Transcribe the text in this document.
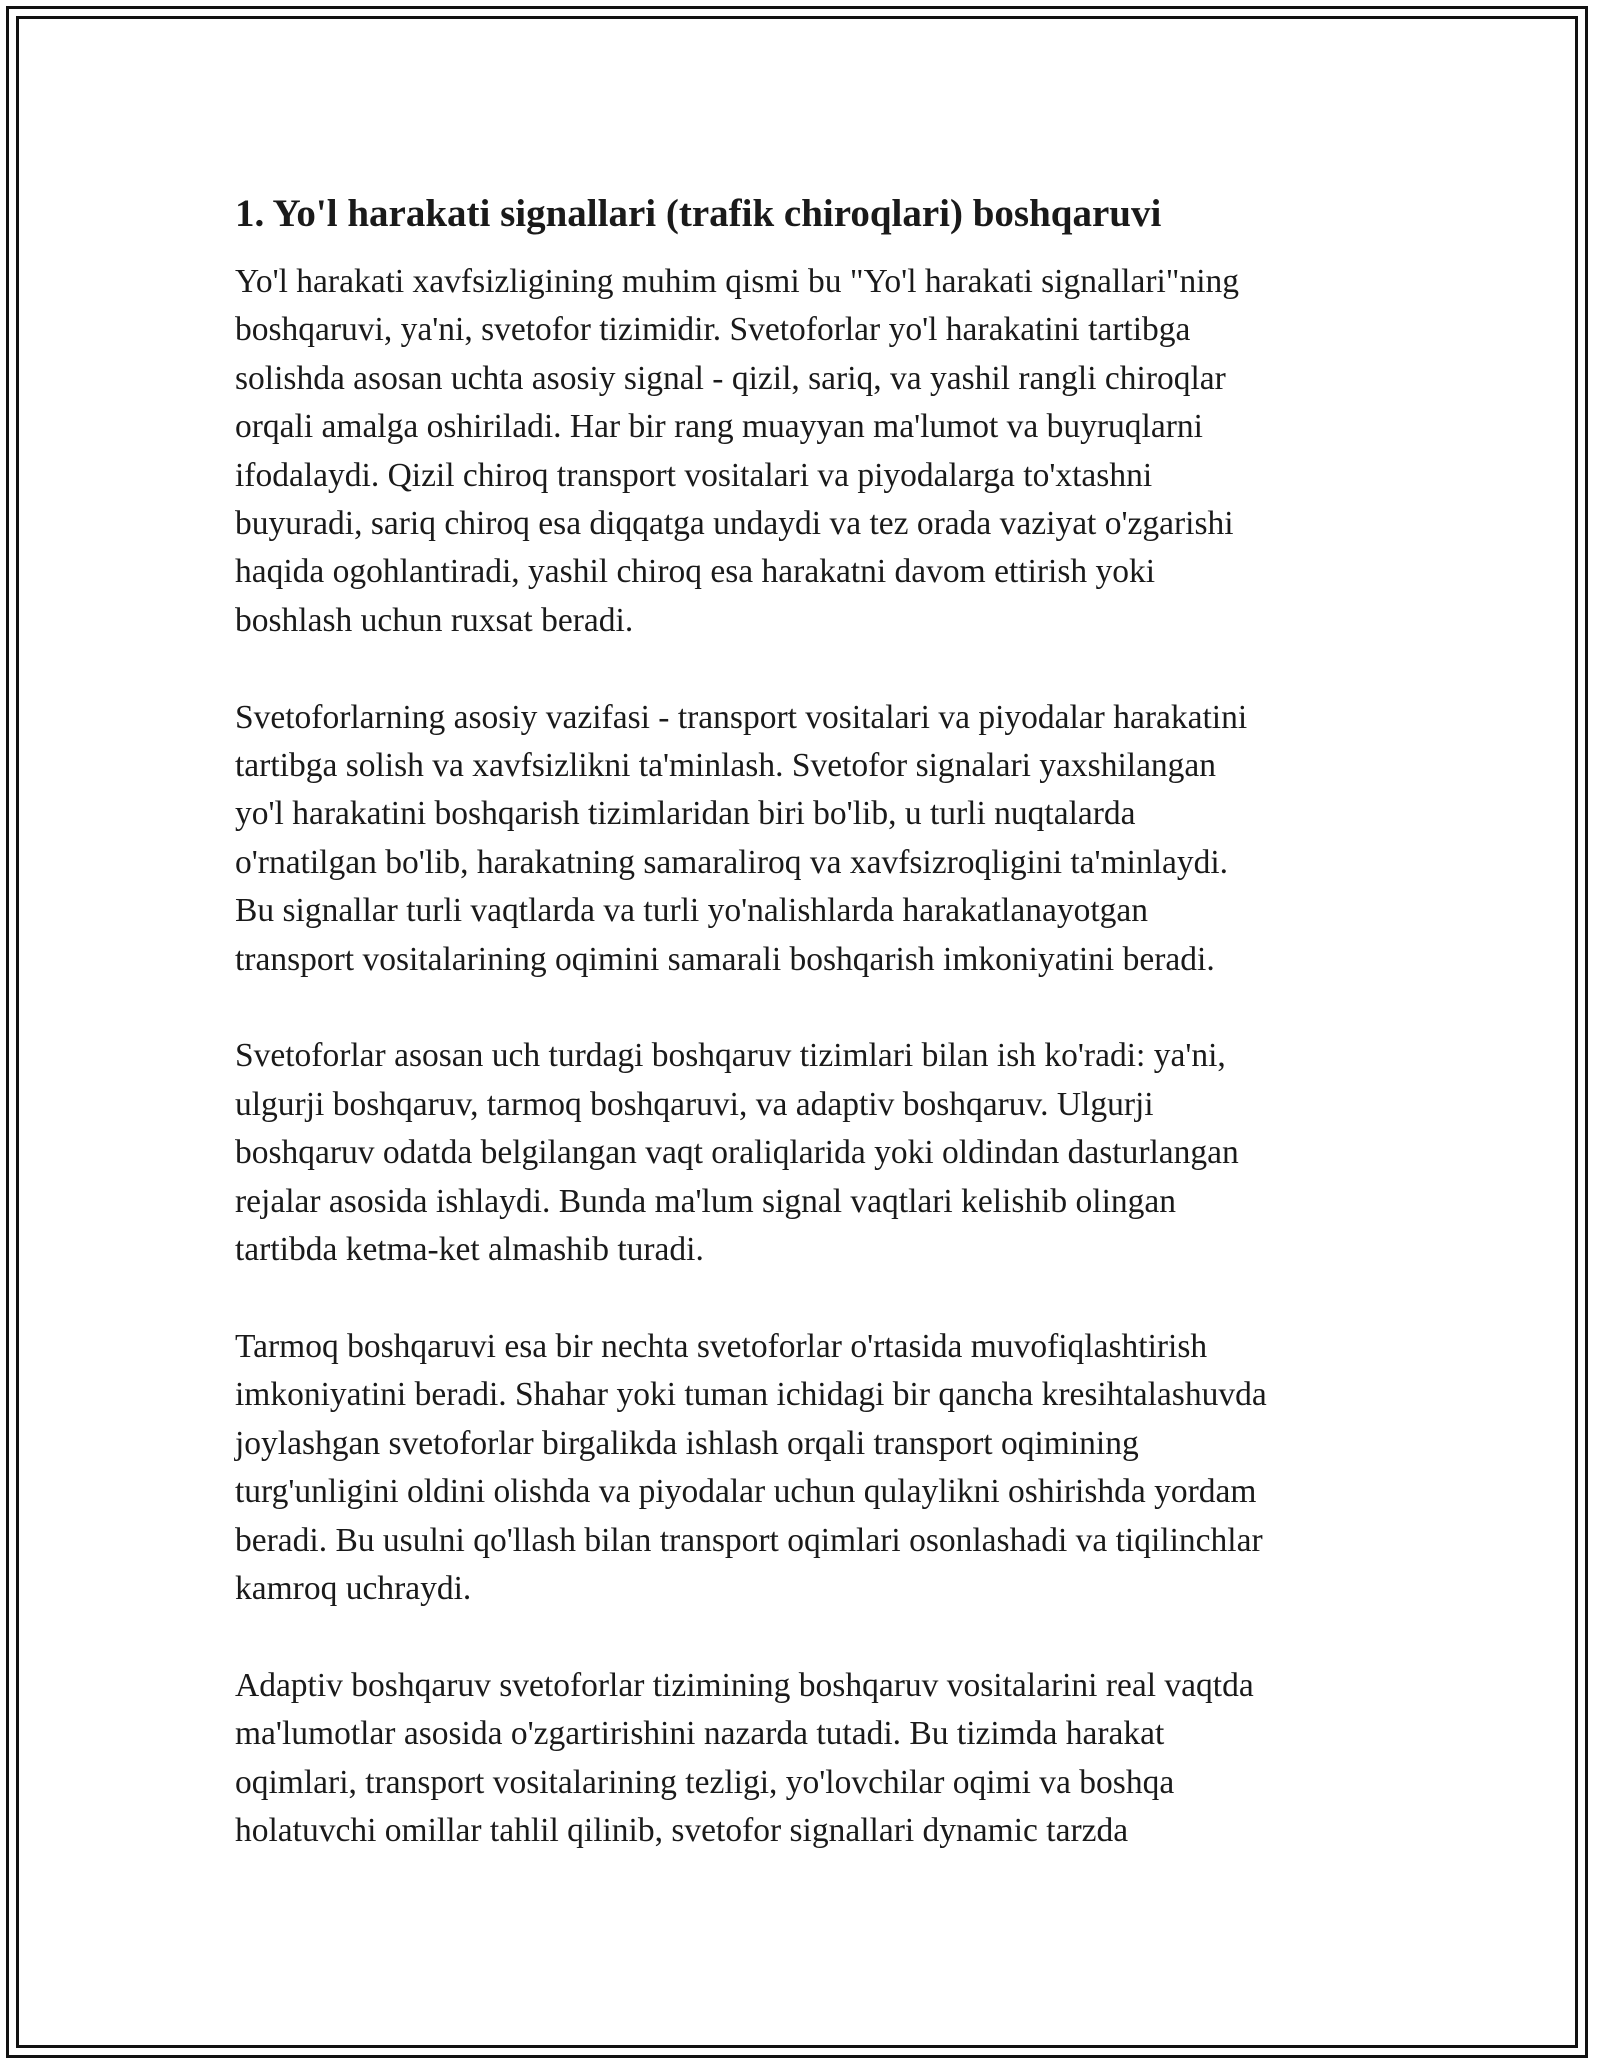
1. Yo'l harakati signallari (trafik chiroqlari) boshqaruvi

Yo'l harakati xavfsizligining muhim qismi bu "Yo'l harakati signallari"ning
boshqaruvi, ya'ni, svetofor tizimidir. Svetoforlar yo'l harakatini tartibga
solishda asosan uchta asosiy signal - qizil, sariq, va yashil rangli chiroqlar
orqali amalga oshiriladi. Har bir rang muayyan ma'lumot va buyruqlarni
ifodalaydi. Qizil chiroq transport vositalari va piyodalarga to'xtashni
buyuradi, sariq chiroq esa diqqatga undaydi va tez orada vaziyat o'zgarishi
haqida ogohlantiradi, yashil chiroq esa harakatni davom ettirish yoki
boshlash uchun ruxsat beradi.

Svetoforlarning asosiy vazifasi - transport vositalari va piyodalar harakatini
tartibga solish va xavfsizlikni ta'minlash. Svetofor signalari yaxshilangan
yo'l harakatini boshqarish tizimlaridan biri bo'lib, u turli nuqtalarda
o'rnatilgan bo'lib, harakatning samaraliroq va xavfsizroqligini ta'minlaydi.
Bu signallar turli vaqtlarda va turli yo'nalishlarda harakatlanayotgan
transport vositalarining oqimini samarali boshqarish imkoniyatini beradi.

Svetoforlar asosan uch turdagi boshqaruv tizimlari bilan ish ko'radi: ya'ni,
ulgurji boshqaruv, tarmoq boshqaruvi, va adaptiv boshqaruv. Ulgurji
boshqaruv odatda belgilangan vaqt oraliqlarida yoki oldindan dasturlangan
rejalar asosida ishlaydi. Bunda ma'lum signal vaqtlari kelishib olingan
tartibda ketma-ket almashib turadi.

Tarmoq boshqaruvi esa bir nechta svetoforlar o'rtasida muvofiqlashtirish
imkoniyatini beradi. Shahar yoki tuman ichidagi bir qancha kresihtalashuvda
joylashgan svetoforlar birgalikda ishlash orqali transport oqimining
turg'unligini oldini olishda va piyodalar uchun qulaylikni oshirishda yordam
beradi. Bu usulni qo'llash bilan transport oqimlari osonlashadi va tiqilinchlar
kamroq uchraydi.

Adaptiv boshqaruv svetoforlar tizimining boshqaruv vositalarini real vaqtda
ma'lumotlar asosida o'zgartirishini nazarda tutadi. Bu tizimda harakat
oqimlari, transport vositalarining tezligi, yo'lovchilar oqimi va boshqa
holatuvchi omillar tahlil qilinib, svetofor signallari dynamic tarzda
